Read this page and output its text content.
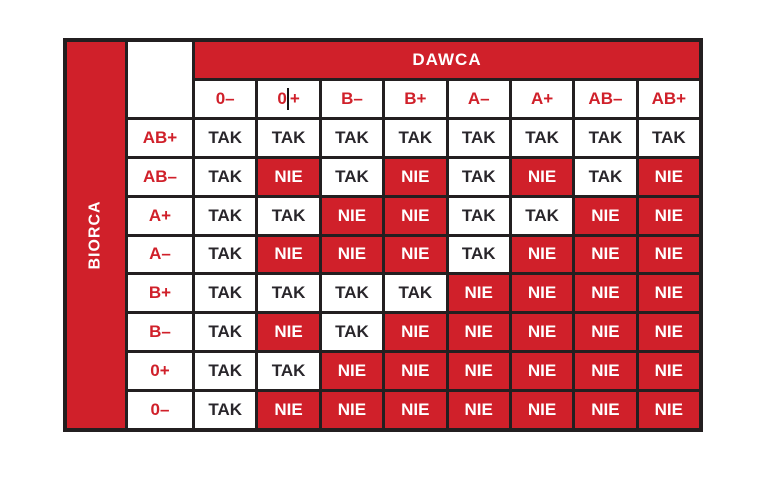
BIORCA
DAWCA
0–	0 +	B–	B+	A–	A+	AB–	AB+
AB+	TAK	TAK	TAK	TAK	TAK	TAK	TAK	TAK
AB–	TAK	NIE	TAK	NIE	TAK	NIE	TAK	NIE
A+	TAK	TAK	NIE	NIE	TAK	TAK	NIE	NIE
A–	TAK	NIE	NIE	NIE	TAK	NIE	NIE	NIE
B+	TAK	TAK	TAK	TAK	NIE	NIE	NIE	NIE
B–	TAK	NIE	TAK	NIE	NIE	NIE	NIE	NIE
0+	TAK	TAK	NIE	NIE	NIE	NIE	NIE	NIE
0–	TAK	NIE	NIE	NIE	NIE	NIE	NIE	NIE
